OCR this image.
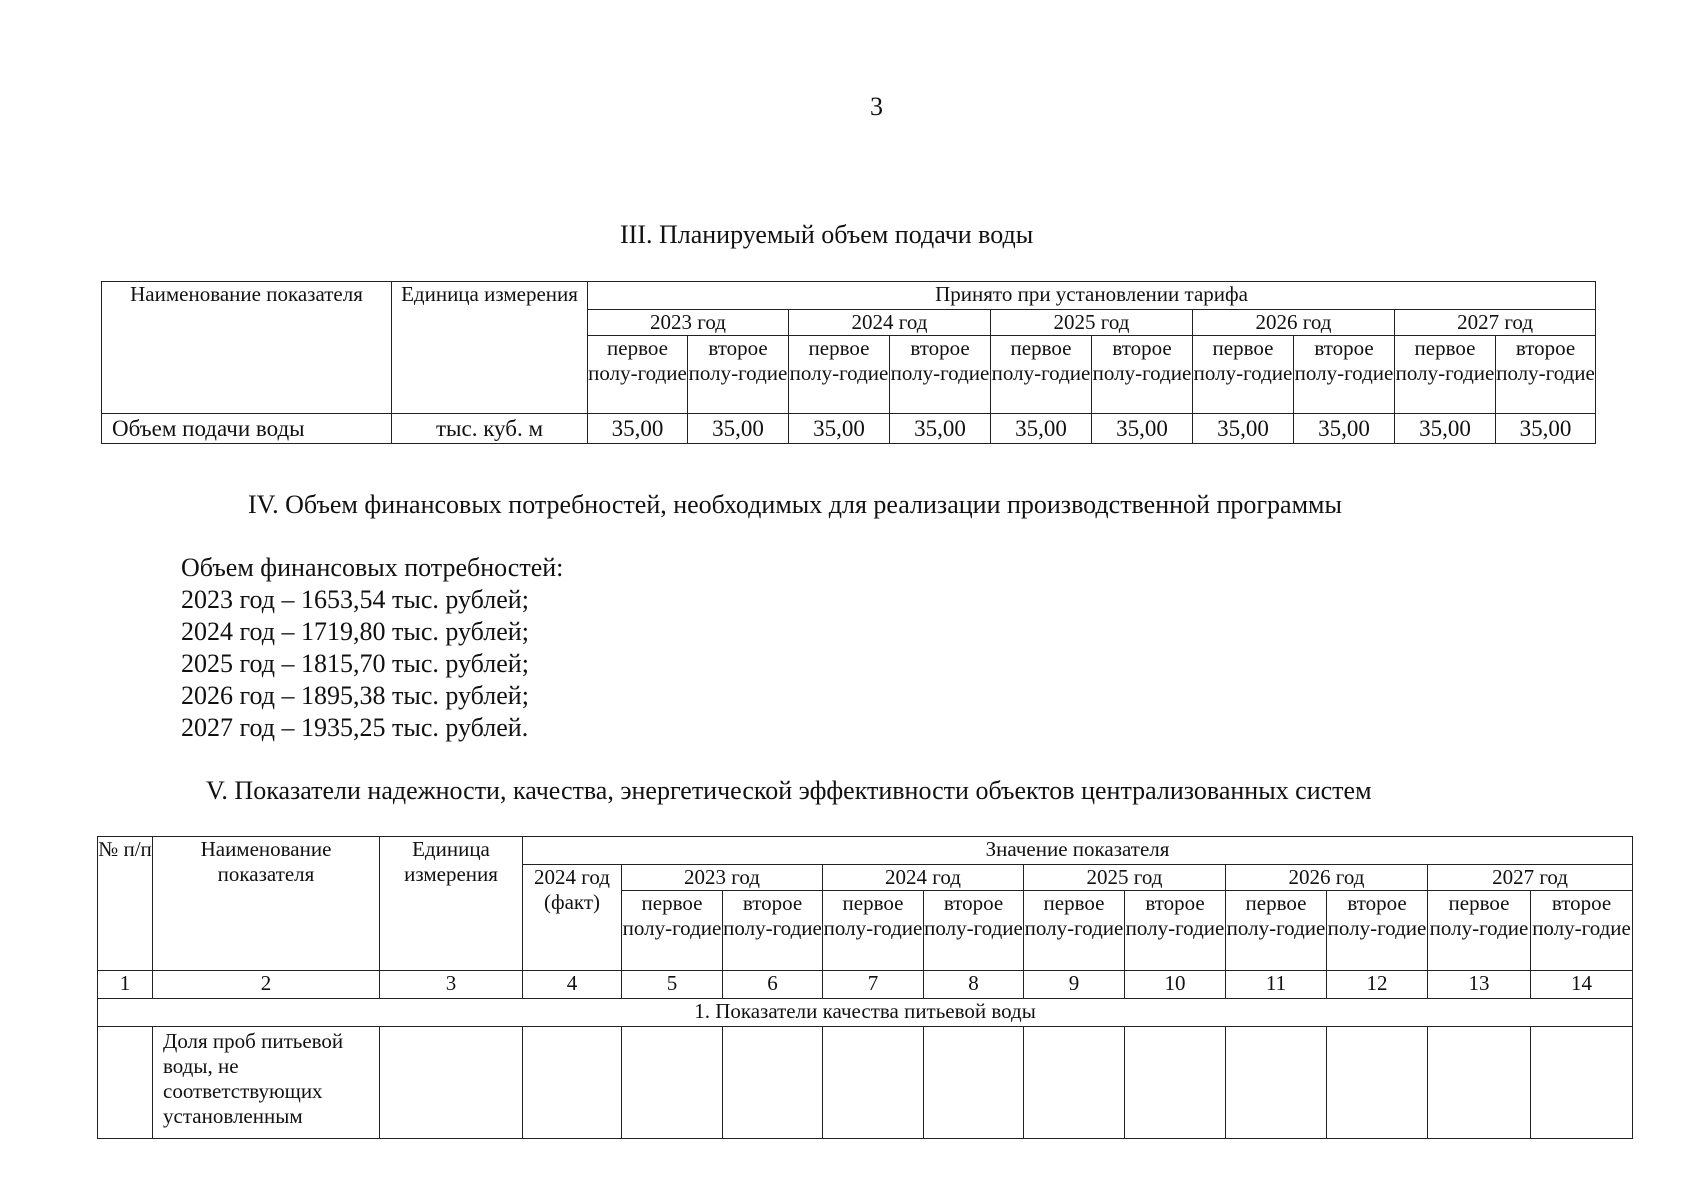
3
III. Планируемый объем подачи воды
Наименование показателя	Единица измерения	Принято при установлении тарифа									
		2023 год		2024 год		2025 год		2026 год		2027 год	
		первое полу-годие	второе полу-годие	первое полу-годие	второе полу-годие	первое полу-годие	второе полу-годие	первое полу-годие	второе полу-годие	первое полу-годие	второе полу-годие
Объем подачи воды	тыс. куб. м	35,00	35,00	35,00	35,00	35,00	35,00	35,00	35,00	35,00	35,00
IV. Объем финансовых потребностей, необходимых для реализации производственной программы
Объем финансовых потребностей:
2023 год – 1653,54 тыс. рублей;
2024 год – 1719,80 тыс. рублей;
2025 год – 1815,70 тыс. рублей;
2026 год – 1895,38 тыс. рублей;
2027 год – 1935,25 тыс. рублей.
V. Показатели надежности, качества, энергетической эффективности объектов централизованных систем
№ п/п	Наименование показателя	Единица измерения	Значение показателя										
			2024 год (факт)	2023 год		2024 год		2025 год		2026 год		2027 год	
				первое полу-годие	второе полу-годие	первое полу-годие	второе полу-годие	первое полу-годие	второе полу-годие	первое полу-годие	второе полу-годие	первое полу-годие	второе полу-годие
1	2	3	4	5	6	7	8	9	10	11	12	13	14
1. Показатели качества питьевой воды													
	Доля проб питьевой воды, не соответствующих установленным												
